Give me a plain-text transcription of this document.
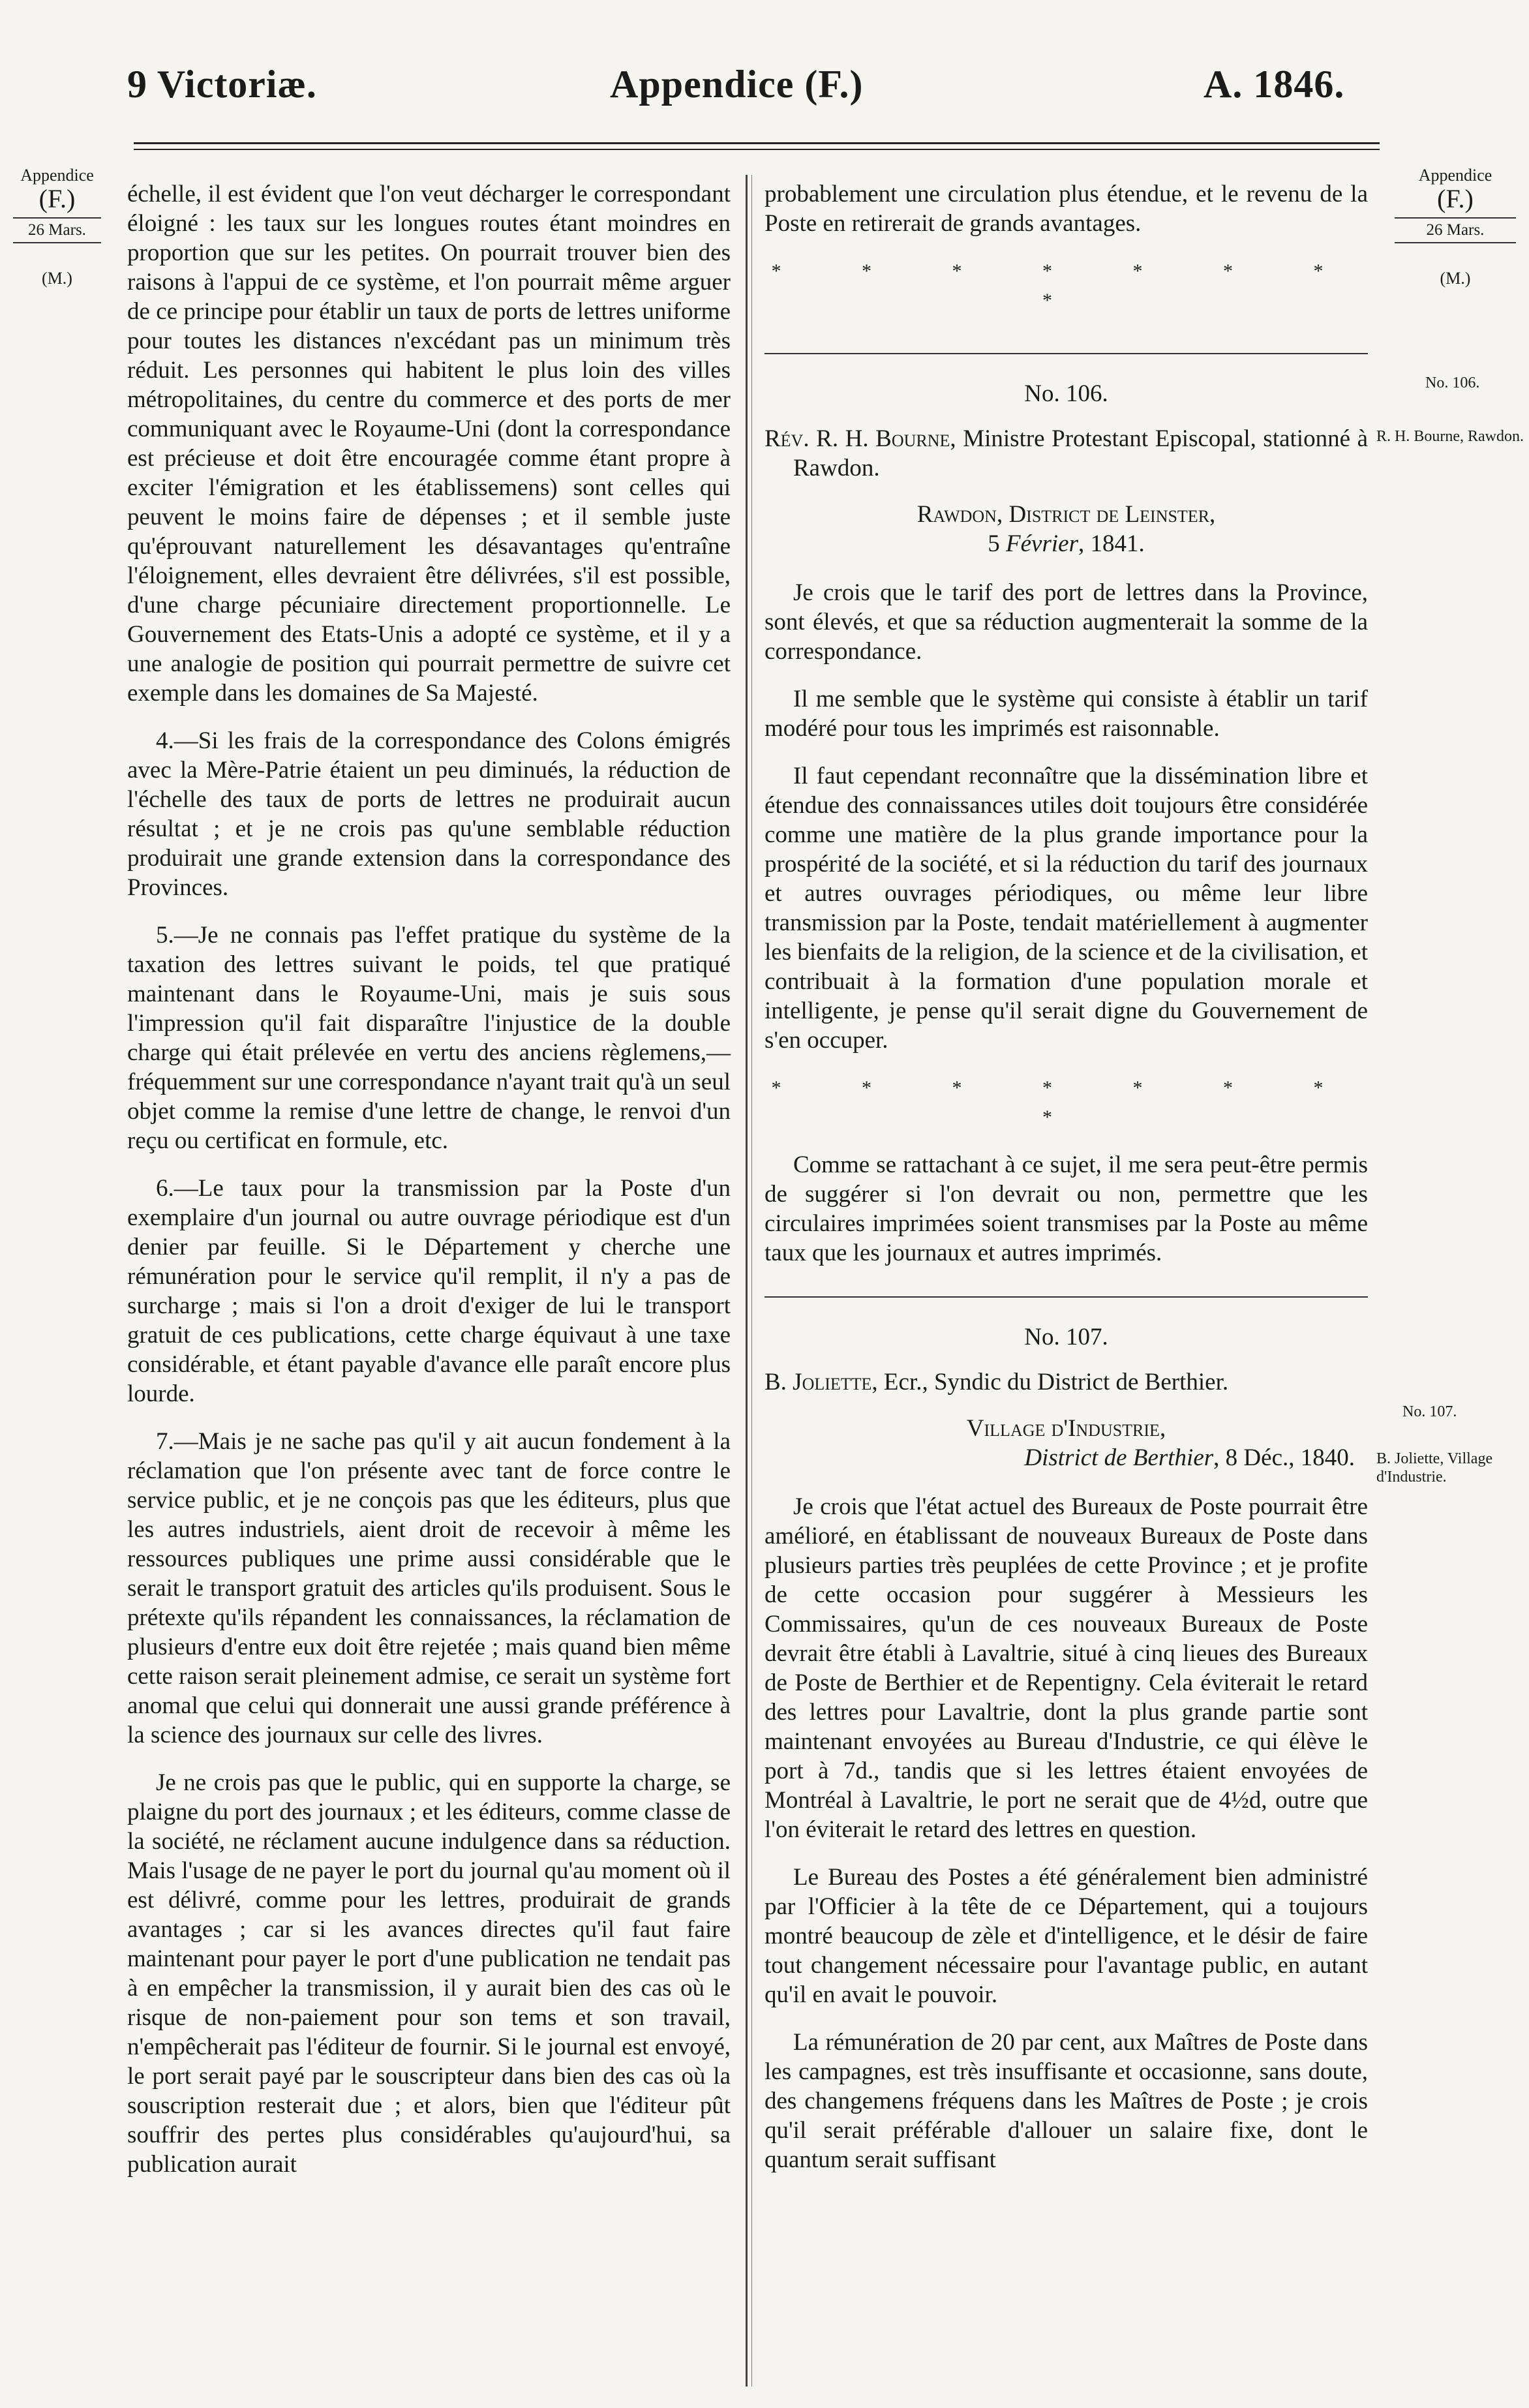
9 Victoriæ.	Appendice (F.)	A. 1846.
Appendice
(F.)
26 Mars.
(M.)
Appendice
(F.)
26 Mars.
(M.)
No. 106.
R. H. Bourne, Rawdon.
No. 107.
B. Joliette, Village d'Industrie.

échelle, il est évident que l'on veut décharger le correspondant éloigné : les taux sur les longues routes étant moindres en proportion que sur les petites. On pourrait trouver bien des raisons à l'appui de ce système, et l'on pourrait même arguer de ce principe pour établir un taux de ports de lettres uniforme pour toutes les distances n'excédant pas un minimum très réduit. Les personnes qui habitent le plus loin des villes métropolitaines, du centre du commerce et des ports de mer communiquant avec le Royaume-Uni (dont la correspondance est précieuse et doit être encouragée comme étant propre à exciter l'émigration et les établissemens) sont celles qui peuvent le moins faire de dépenses ; et il semble juste qu'éprouvant naturellement les désavantages qu'entraîne l'éloignement, elles devraient être délivrées, s'il est possible, d'une charge pécuniaire directement proportionnelle. Le Gouvernement des Etats-Unis a adopté ce système, et il y a une analogie de position qui pourrait permettre de suivre cet exemple dans les domaines de Sa Majesté.

4.—Si les frais de la correspondance des Colons émigrés avec la Mère-Patrie étaient un peu diminués, la réduction de l'échelle des taux de ports de lettres ne produirait aucun résultat ; et je ne crois pas qu'une semblable réduction produirait une grande extension dans la correspondance des Provinces.

5.—Je ne connais pas l'effet pratique du système de la taxation des lettres suivant le poids, tel que pratiqué maintenant dans le Royaume-Uni, mais je suis sous l'impression qu'il fait disparaître l'injustice de la double charge qui était prélevée en vertu des anciens règlemens,—fréquemment sur une correspondance n'ayant trait qu'à un seul objet comme la remise d'une lettre de change, le renvoi d'un reçu ou certificat en formule, etc.

6.—Le taux pour la transmission par la Poste d'un exemplaire d'un journal ou autre ouvrage périodique est d'un denier par feuille. Si le Département y cherche une rémunération pour le service qu'il remplit, il n'y a pas de surcharge ; mais si l'on a droit d'exiger de lui le transport gratuit de ces publications, cette charge équivaut à une taxe considérable, et étant payable d'avance elle paraît encore plus lourde.

7.—Mais je ne sache pas qu'il y ait aucun fondement à la réclamation que l'on présente avec tant de force contre le service public, et je ne conçois pas que les éditeurs, plus que les autres industriels, aient droit de recevoir à même les ressources publiques une prime aussi considérable que le serait le transport gratuit des articles qu'ils produisent. Sous le prétexte qu'ils répandent les connaissances, la réclamation de plusieurs d'entre eux doit être rejetée ; mais quand bien même cette raison serait pleinement admise, ce serait un système fort anomal que celui qui donnerait une aussi grande préférence à la science des journaux sur celle des livres.

Je ne crois pas que le public, qui en supporte la charge, se plaigne du port des journaux ; et les éditeurs, comme classe de la société, ne réclament aucune indulgence dans sa réduction. Mais l'usage de ne payer le port du journal qu'au moment où il est délivré, comme pour les lettres, produirait de grands avantages ; car si les avances directes qu'il faut faire maintenant pour payer le port d'une publication ne tendait pas à en empêcher la transmission, il y aurait bien des cas où le risque de non-paiement pour son tems et son travail, n'empêcherait pas l'éditeur de fournir. Si le journal est envoyé, le port serait payé par le souscripteur dans bien des cas où la souscription resterait due ; et alors, bien que l'éditeur pût souffrir des pertes plus considérables qu'aujourd'hui, sa publication aurait

probablement une circulation plus étendue, et le revenu de la Poste en retirerait de grands avantages.

* * * * * * * *
No. 106.
Rév. R. H. Bourne, Ministre Protestant Episcopal, stationné à Rawdon.
Rawdon, District de Leinster,
5 Février, 1841.

Je crois que le tarif des port de lettres dans la Province, sont élevés, et que sa réduction augmenterait la somme de la correspondance.

Il me semble que le système qui consiste à établir un tarif modéré pour tous les imprimés est raisonnable.

Il faut cependant reconnaître que la dissémination libre et étendue des connaissances utiles doit toujours être considérée comme une matière de la plus grande importance pour la prospérité de la société, et si la réduction du tarif des journaux et autres ouvrages périodiques, ou même leur libre transmission par la Poste, tendait matériellement à augmenter les bienfaits de la religion, de la science et de la civilisation, et contribuait à la formation d'une population morale et intelligente, je pense qu'il serait digne du Gouvernement de s'en occuper.

* * * * * * * *

Comme se rattachant à ce sujet, il me sera peut-être permis de suggérer si l'on devrait ou non, permettre que les circulaires imprimées soient transmises par la Poste au même taux que les journaux et autres imprimés.

No. 107.
B. Joliette, Ecr., Syndic du District de Berthier.
Village d'Industrie,
District de Berthier, 8 Déc., 1840.

Je crois que l'état actuel des Bureaux de Poste pourrait être amélioré, en établissant de nouveaux Bureaux de Poste dans plusieurs parties très peuplées de cette Province ; et je profite de cette occasion pour suggérer à Messieurs les Commissaires, qu'un de ces nouveaux Bureaux de Poste devrait être établi à Lavaltrie, situé à cinq lieues des Bureaux de Poste de Berthier et de Repentigny. Cela éviterait le retard des lettres pour Lavaltrie, dont la plus grande partie sont maintenant envoyées au Bureau d'Industrie, ce qui élève le port à 7d., tandis que si les lettres étaient envoyées de Montréal à Lavaltrie, le port ne serait que de 4½d, outre que l'on éviterait le retard des lettres en question.

Le Bureau des Postes a été généralement bien administré par l'Officier à la tête de ce Département, qui a toujours montré beaucoup de zèle et d'intelligence, et le désir de faire tout changement nécessaire pour l'avantage public, en autant qu'il en avait le pouvoir.

La rémunération de 20 par cent, aux Maîtres de Poste dans les campagnes, est très insuffisante et occasionne, sans doute, des changemens fréquens dans les Maîtres de Poste ; je crois qu'il serait préférable d'allouer un salaire fixe, dont le quantum serait suffisant
